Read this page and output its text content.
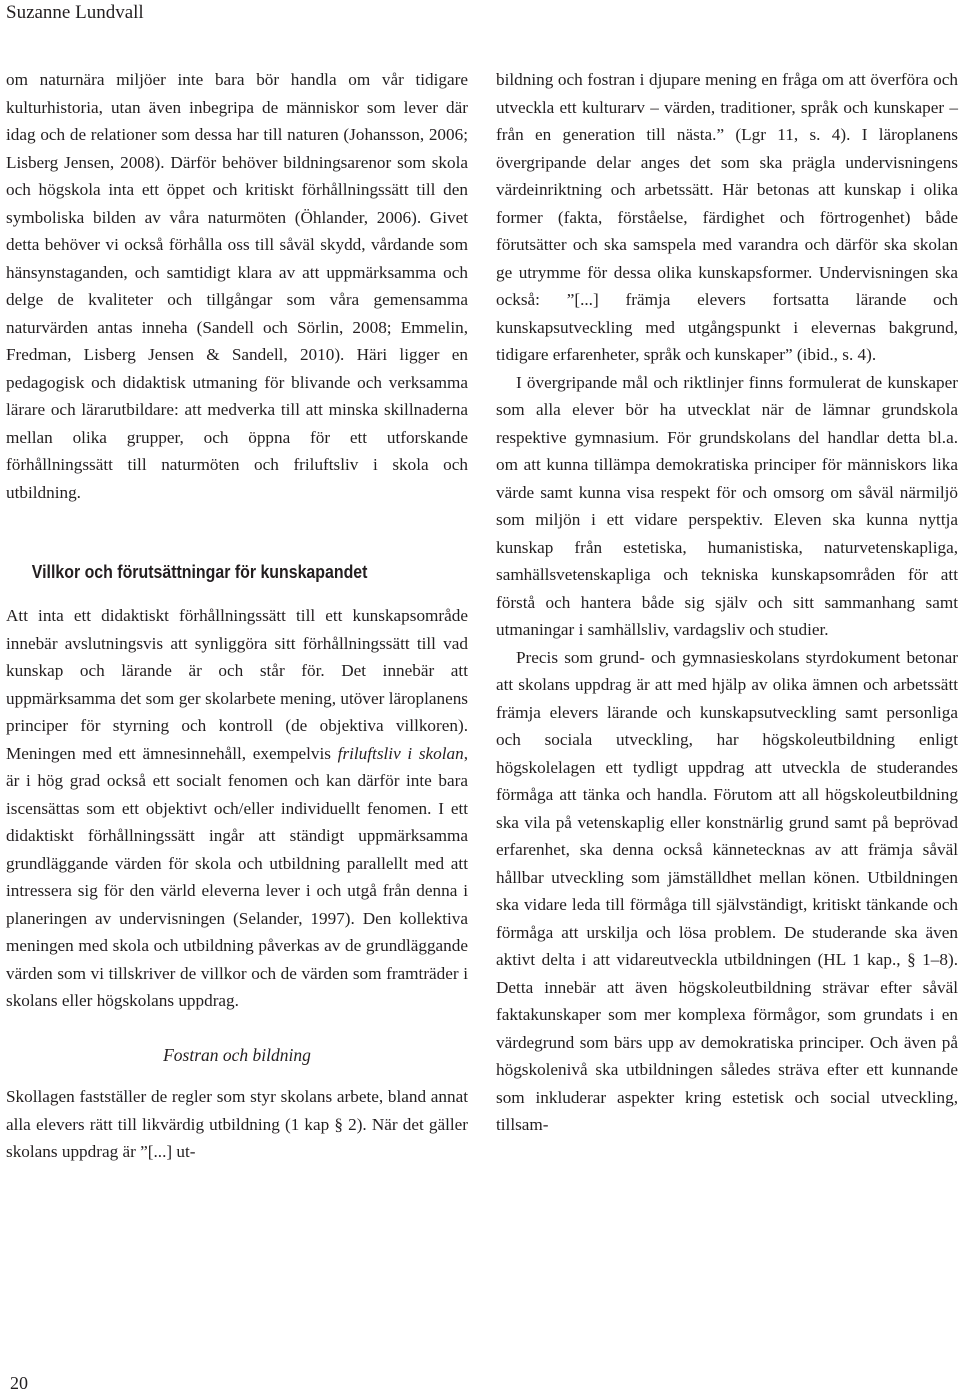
Suzanne Lundvall

om naturnära miljöer inte bara bör handla om vår tidigare kulturhistoria, utan även inbegripa de människor som lever där idag och de relationer som dessa har till naturen (Johansson, 2006; Lisberg Jensen, 2008). Därför behöver bildningsarenor som skola och högskola inta ett öppet och kritiskt förhållningssätt till den symboliska bilden av våra naturmöten (Öhlander, 2006). Givet detta behöver vi också förhålla oss till såväl skydd, vårdande som hänsynstaganden, och samtidigt klara av att uppmärksamma och delge de kvaliteter och tillgångar som våra gemensamma naturvärden antas inneha (Sandell och Sörlin, 2008; Emmelin, Fredman, Lisberg Jensen & Sandell, 2010). Häri ligger en pedagogisk och didaktisk utmaning för blivande och verksamma lärare och lärarutbildare: att medverka till att minska skillnaderna mellan olika grupper, och öppna för ett utforskande förhållningssätt till naturmöten och friluftsliv i skola och utbildning.

Villkor och förutsättningar för kunskapandet

Att inta ett didaktiskt förhållningssätt till ett kunskapsområde innebär avslutningsvis att synliggöra sitt förhållningssätt till vad kunskap och lärande är och står för. Det innebär att uppmärksamma det som ger skolarbete mening, utöver läroplanens principer för styrning och kontroll (de objektiva villkoren). Meningen med ett ämnesinnehåll, exempelvis friluftsliv i skolan, är i hög grad också ett socialt fenomen och kan därför inte bara iscensättas som ett objektivt och/eller individuellt fenomen. I ett didaktiskt förhållningssätt ingår att ständigt uppmärksamma grundläggande värden för skola och utbildning parallellt med att intressera sig för den värld eleverna lever i och utgå från denna i planeringen av undervisningen (Selander, 1997). Den kollektiva meningen med skola och utbildning påverkas av de grundläggande värden som vi tillskriver de villkor och de värden som framträder i skolans eller högskolans uppdrag.

Fostran och bildning

Skollagen fastställer de regler som styr skolans arbete, bland annat alla elevers rätt till likvärdig utbildning (1 kap § 2). När det gäller skolans uppdrag är ”[...] ut-

bildning och fostran i djupare mening en fråga om att överföra och utveckla ett kulturarv – värden, traditioner, språk och kunskaper – från en generation till nästa.” (Lgr 11, s. 4). I läroplanens övergripande delar anges det som ska prägla undervisningens värdeinriktning och arbetssätt. Här betonas att kunskap i olika former (fakta, förståelse, färdighet och förtrogenhet) både förutsätter och ska samspela med varandra och därför ska skolan ge utrymme för dessa olika kunskapsformer. Undervisningen ska också: ”[...] främja elevers fortsatta lärande och kunskapsutveckling med utgångspunkt i elevernas bakgrund, tidigare erfarenheter, språk och kunskaper” (ibid., s. 4).

I övergripande mål och riktlinjer finns formulerat de kunskaper som alla elever bör ha utvecklat när de lämnar grundskola respektive gymnasium. För grundskolans del handlar detta bl.a. om att kunna tillämpa demokratiska principer för människors lika värde samt kunna visa respekt för och omsorg om såväl närmiljö som miljön i ett vidare perspektiv. Eleven ska kunna nyttja kunskap från estetiska, humanistiska, naturvetenskapliga, samhällsvetenskapliga och tekniska kunskapsområden för att förstå och hantera både sig själv och sitt sammanhang samt utmaningar i samhällsliv, vardagsliv och studier.

Precis som grund- och gymnasieskolans styrdokument betonar att skolans uppdrag är att med hjälp av olika ämnen och arbetssätt främja elevers lärande och kunskapsutveckling samt personliga och sociala utveckling, har högskoleutbildning enligt högskolelagen ett tydligt uppdrag att utveckla de studerandes förmåga att tänka och handla. Förutom att all högskoleutbildning ska vila på vetenskaplig eller konstnärlig grund samt på beprövad erfarenhet, ska denna också kännetecknas av att främja såväl hållbar utveckling som jämställdhet mellan könen. Utbildningen ska vidare leda till förmåga till självständigt, kritiskt tänkande och förmåga att urskilja och lösa problem. De studerande ska även aktivt delta i att vidareutveckla utbildningen (HL 1 kap., § 1–8). Detta innebär att även högskoleutbildning strävar efter såväl faktakunskaper som mer komplexa förmågor, som grundats i en värdegrund som bärs upp av demokratiska principer. Och även på högskolenivå ska utbildningen således sträva efter ett kunnande som inkluderar aspekter kring estetisk och social utveckling, tillsam-

20
